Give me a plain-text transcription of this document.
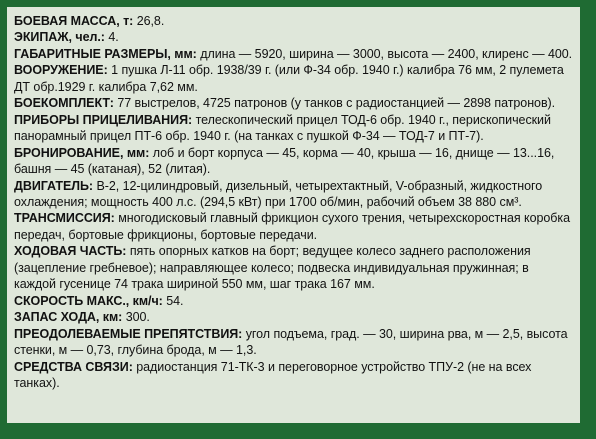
БОЕВАЯ МАССА, т: 26,8.

ЭКИПАЖ, чел.: 4.

ГАБАРИТНЫЕ РАЗМЕРЫ, мм: длина — 5920, ширина — 3000, высота — 2400, клиренс — 400.

ВООРУЖЕНИЕ: 1 пушка Л-11 обр. 1938/39 г. (или Ф-34 обр. 1940 г.) калибра 76 мм, 2 пулемета ДТ обр.1929 г. калибра 7,62 мм.

БОЕКОМПЛЕКТ: 77 выстрелов, 4725 патронов (у танков с радиостанцией — 2898 патронов).

ПРИБОРЫ ПРИЦЕЛИВАНИЯ: телескопический прицел ТОД-6 обр. 1940 г., перископический панорамный прицел ПТ-6 обр. 1940 г. (на танках с пушкой Ф-34 — ТОД-7 и ПТ-7).

БРОНИРОВАНИЕ, мм: лоб и борт корпуса — 45, корма — 40, крыша — 16, днище — 13...16, башня — 45 (катаная), 52 (литая).

ДВИГАТЕЛЬ: В-2, 12-цилиндровый, дизельный, четырехтактный, V-образный, жидкостного охлаждения; мощность 400 л.с. (294,5 кВт) при 1700 об/мин, рабочий объем 38 880 см³.

ТРАНСМИССИЯ: многодисковый главный фрикцион сухого трения, четырехскоростная коробка передач, бортовые фрикционы, бортовые передачи.

ХОДОВАЯ ЧАСТЬ: пять опорных катков на борт; ведущее колесо заднего расположения (зацепление гребневое); направляющее колесо; подвеска индивидуальная пружинная; в каждой гусенице 74 трака шириной 550 мм, шаг трака 167 мм.

СКОРОСТЬ МАКС., км/ч: 54.

ЗАПАС ХОДА, км: 300.

ПРЕОДОЛЕВАЕМЫЕ ПРЕПЯТСТВИЯ: угол подъема, град. — 30, ширина рва, м — 2,5, высота стенки, м — 0,73, глубина брода, м — 1,3.

СРЕДСТВА СВЯЗИ: радиостанция 71-ТК-3 и переговорное устройство ТПУ-2 (не на всех танках).
